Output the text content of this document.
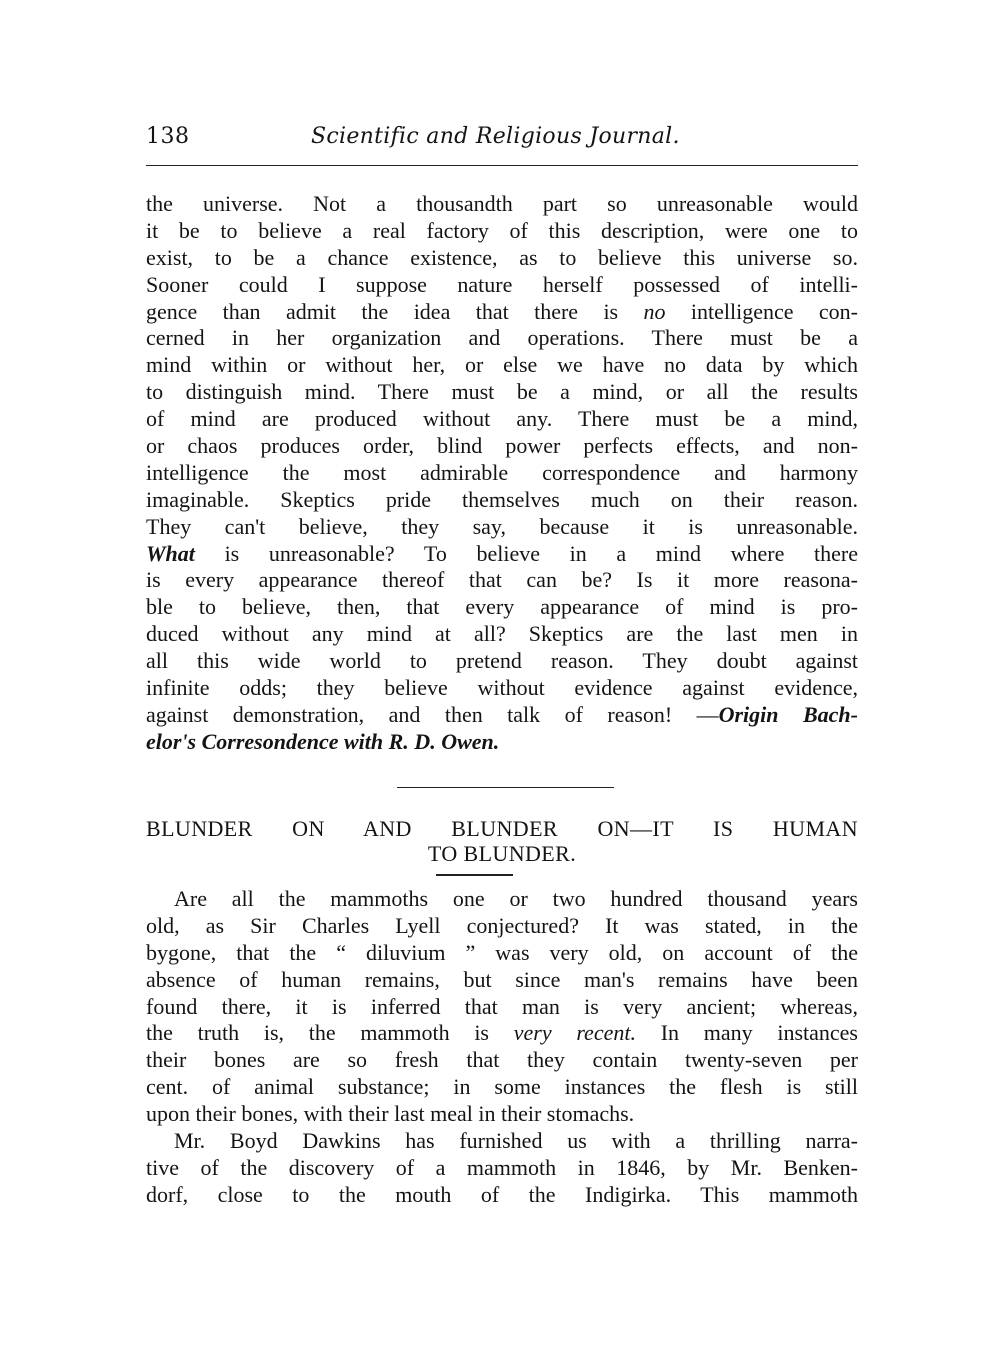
138	Scientific and Religious Journal.
the universe. Not a thousandth part so unreasonable would
it be to believe a real factory of this description, were one to
exist, to be a chance existence, as to believe this universe so.
Sooner could I suppose nature herself possessed of intelli-
gence than admit the idea that there is no intelligence con-
cerned in her organization and operations. There must be a
mind within or without her, or else we have no data by which
to distinguish mind. There must be a mind, or all the results
of mind are produced without any. There must be a mind,
or chaos produces order, blind power perfects effects, and non-
intelligence the most admirable correspondence and harmony
imaginable. Skeptics pride themselves much on their reason.
They can't believe, they say, because it is unreasonable.
What is unreasonable? To believe in a mind where there
is every appearance thereof that can be? Is it more reasona-
ble to believe, then, that every appearance of mind is pro-
duced without any mind at all? Skeptics are the last men in
all this wide world to pretend reason. They doubt against
infinite odds; they believe without evidence against evidence,
against demonstration, and then talk of reason! —Origin Bach-
elor's Corresondence with R. D. Owen.
BLUNDER ON AND BLUNDER ON—IT IS HUMAN
TO BLUNDER.
Are all the mammoths one or two hundred thousand years
old, as Sir Charles Lyell conjectured? It was stated, in the
bygone, that the “ diluvium ” was very old, on account of the
absence of human remains, but since man's remains have been
found there, it is inferred that man is very ancient; whereas,
the truth is, the mammoth is very recent. In many instances
their bones are so fresh that they contain twenty-seven per
cent. of animal substance; in some instances the flesh is still
upon their bones, with their last meal in their stomachs.
Mr. Boyd Dawkins has furnished us with a thrilling narra-
tive of the discovery of a mammoth in 1846, by Mr. Benken-
dorf, close to the mouth of the Indigirka. This mammoth
